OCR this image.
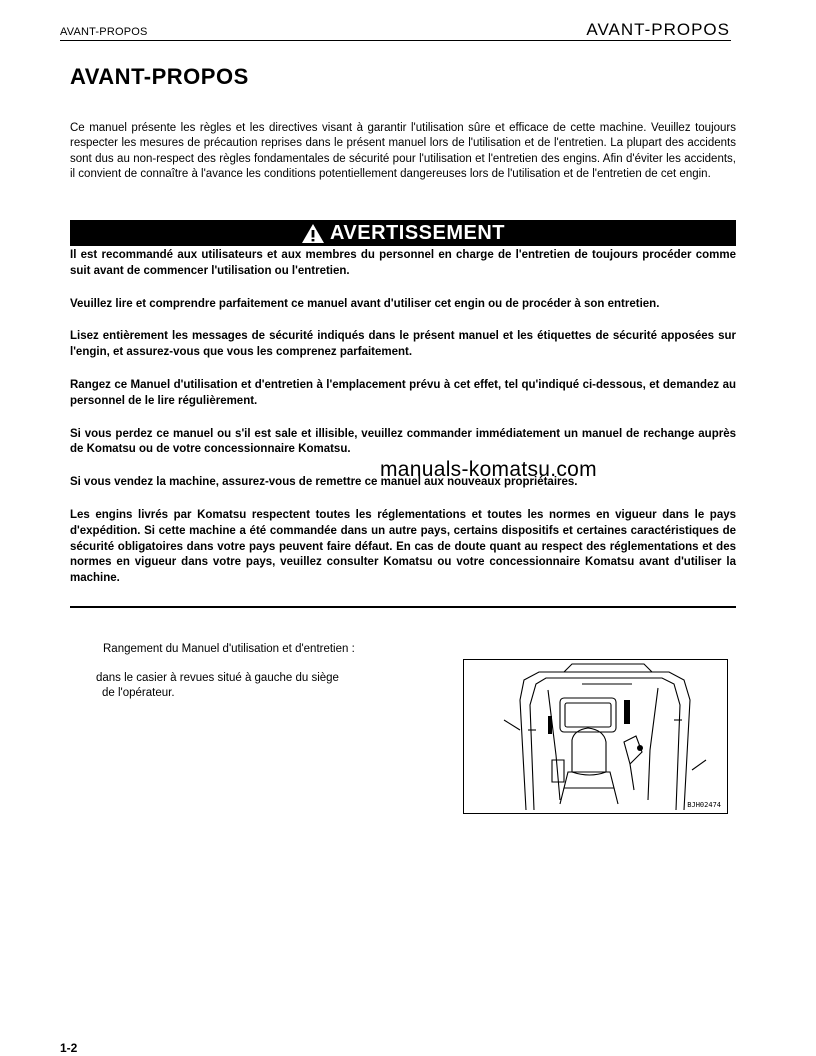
AVANT-PROPOS	AVANT-PROPOS
AVANT-PROPOS

Ce manuel présente les règles et les directives visant à garantir l'utilisation sûre et efficace de cette machine. Veuillez toujours respecter les mesures de précaution reprises dans le présent manuel lors de l'utilisation et de l'entretien. La plupart des accidents sont dus au non-respect des règles fondamentales de sécurité pour l'utilisation et l'entretien des engins. Afin d'éviter les accidents, il convient de connaître à l'avance les conditions potentiellement dangereuses lors de l'utilisation et de l'entretien de cet engin.

AVERTISSEMENT

Il est recommandé aux utilisateurs et aux membres du personnel en charge de l'entretien de toujours procéder comme suit avant de commencer l'utilisation ou l'entretien.

Veuillez lire et comprendre parfaitement ce manuel avant d'utiliser cet engin ou de procéder à son entretien.

Lisez entièrement les messages de sécurité indiqués dans le présent manuel et les étiquettes de sécurité apposées sur l'engin, et assurez-vous que vous les comprenez parfaitement.

Rangez ce Manuel d'utilisation et d'entretien à l'emplacement prévu à cet effet, tel qu'indiqué ci-dessous, et demandez au personnel de le lire régulièrement.

Si vous perdez ce manuel ou s'il est sale et illisible, veuillez commander immédiatement un manuel de rechange auprès de Komatsu ou de votre concessionnaire Komatsu.

Si vous vendez la machine, assurez-vous de remettre ce manuel aux nouveaux propriétaires.

Les engins livrés par Komatsu respectent toutes les réglementations et toutes les normes en vigueur dans le pays d'expédition. Si cette machine a été commandée dans un autre pays, certains dispositifs et certaines caractéristiques de sécurité obligatoires dans votre pays peuvent faire défaut. En cas de doute quant au respect des réglementations et des normes en vigueur dans votre pays, veuillez consulter Komatsu ou votre concessionnaire Komatsu avant d'utiliser la machine.

manuals-komatsu.com

Rangement du Manuel d'utilisation et d'entretien :

dans le casier à revues situé à gauche du siège
de l'opérateur.

BJH02474
1-2
